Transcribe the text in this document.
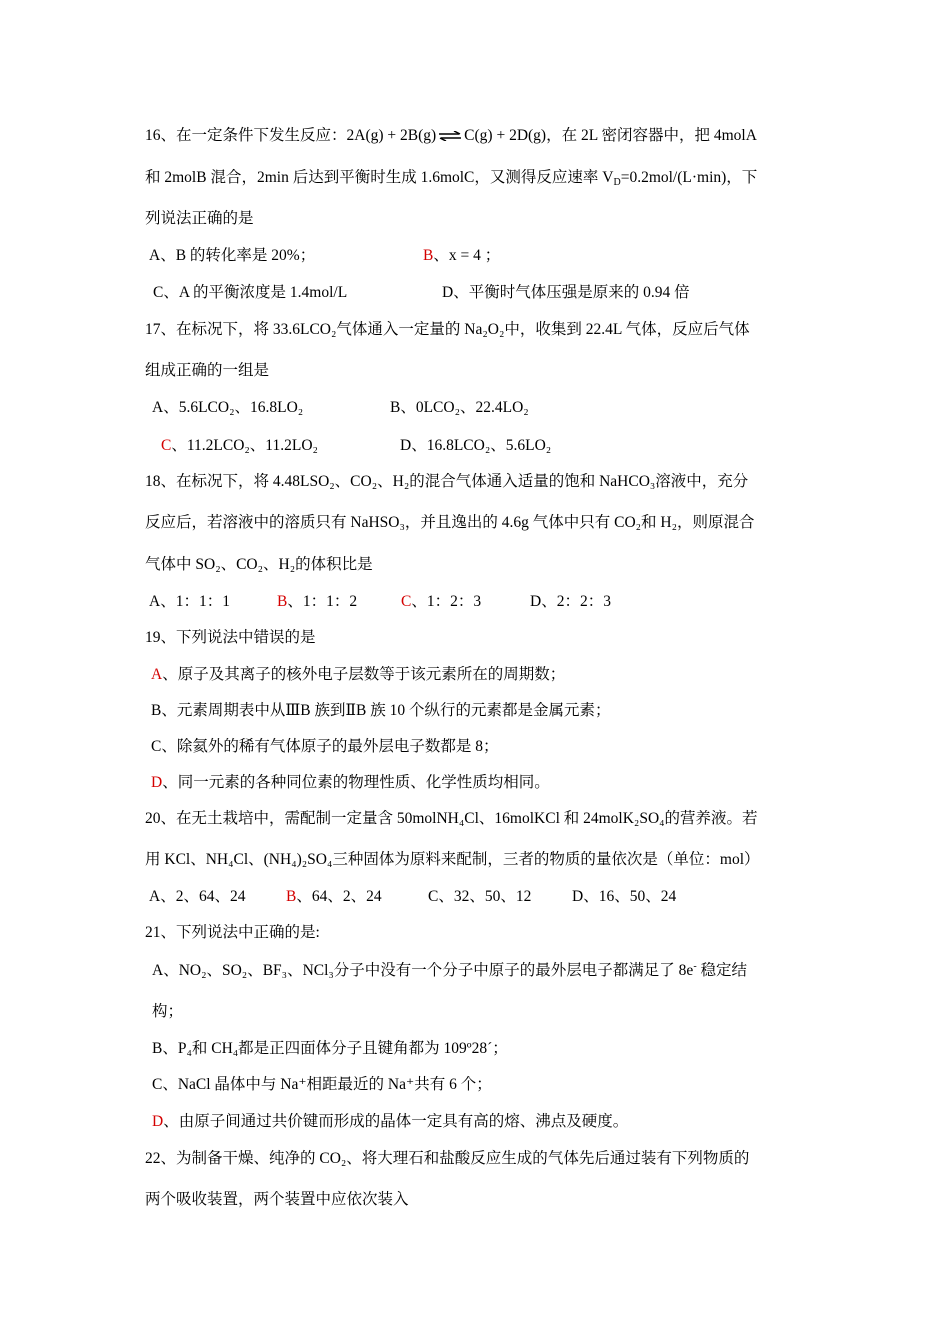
16、在一定条件下发生反应：2A(g) + 2B(g)⇌C(g) + 2D(g)，在 2L 密闭容器中，把 4molA
和 2molB 混合，2min 后达到平衡时生成 1.6molC，又测得反应速率 $V_D=0.2mol/(L\cdot\min)$，下
列说法正确的是
A、B 的转化率是 20%；	B、x = 4 ；
C、A 的平衡浓度是 1.4mol/L	D、平衡时气体压强是原来的 0.94 倍
17、在标况下，将 33.6LCO₂气体通入一定量的 Na₂O₂中，收集到 22.4L 气体，反应后气体
组成正确的一组是
A、5.6LCO₂、16.8LO₂	B、0LCO₂、22.4LO₂
C、11.2LCO₂、11.2LO₂	D、16.8LCO₂、5.6LO₂
18、在标况下，将 4.48LSO₂、CO₂、H₂的混合气体通入适量的饱和 NaHCO₃溶液中，充分
反应后，若溶液中的溶质只有 NaHSO₃，并且逸出的 4.6g 气体中只有 CO₂和 H₂，则原混合
气体中 SO₂、CO₂、H₂的体积比是
A、1：1：1	B、1：1：2	C、1：2：3	D、2：2：3
19、下列说法中错误的是
A、原子及其离子的核外电子层数等于该元素所在的周期数；
B、元素周期表中从ⅢB 族到ⅡB 族 10 个纵行的元素都是金属元素；
C、除氦外的稀有气体原子的最外层电子数都是 8；
D、同一元素的各种同位素的物理性质、化学性质均相同。
20、在无土栽培中，需配制一定量含 50molNH₄Cl、16molKCl 和 24molK₂SO₄的营养液。若
用 KCl、NH₄Cl、(NH₄)₂SO₄三种固体为原料来配制，三者的物质的量依次是（单位：mol）
A、2、64、24	B、64、2、24	C、32、50、12	D、16、50、24
21、下列说法中正确的是:
A、NO₂、SO₂、BF₃、NCl₃分子中没有一个分子中原子的最外层电子都满足了 8e- 稳定结
构；
B、P₄和 CH₄都是正四面体分子且键角都为 109º28ˊ；
C、NaCl 晶体中与 Na⁺相距最近的 Na⁺共有 6 个；
D、由原子间通过共价键而形成的晶体一定具有高的熔、沸点及硬度。
22、为制备干燥、纯净的 CO₂、将大理石和盐酸反应生成的气体先后通过装有下列物质的
两个吸收装置，两个装置中应依次装入
